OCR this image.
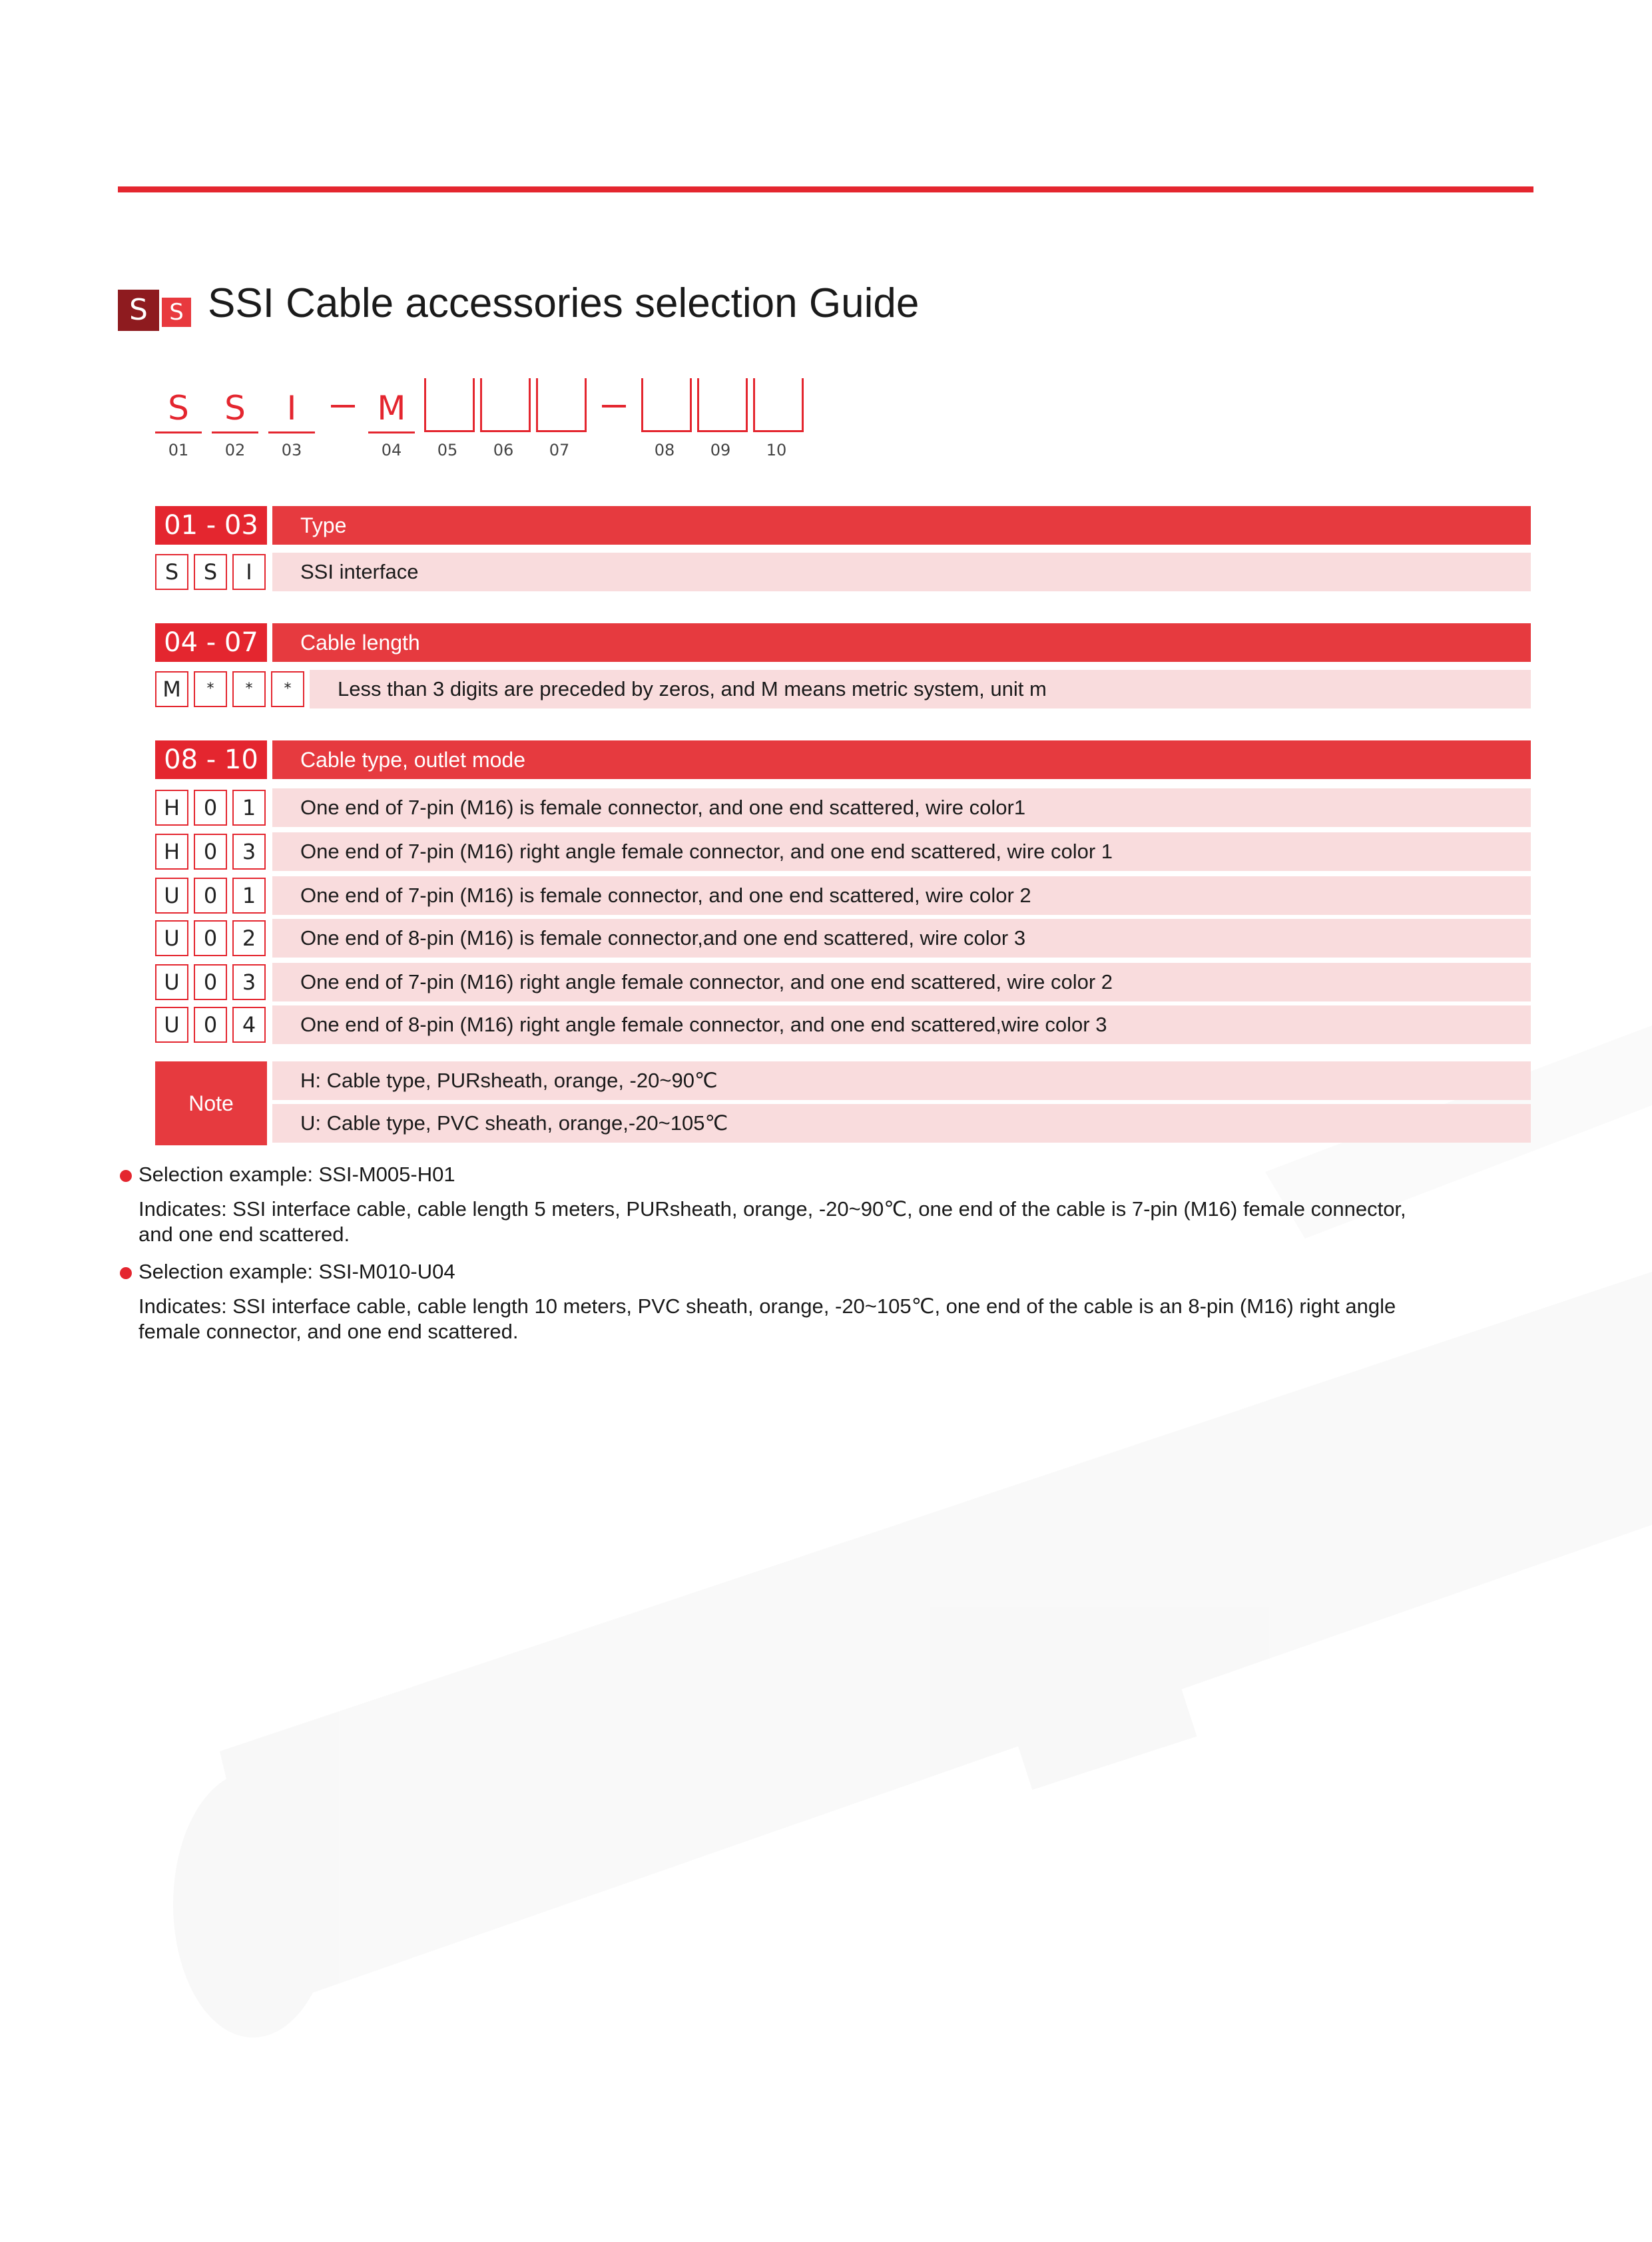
S S SSI Cable accessories selection Guide
S	S	I	M
01	02	03	04	05	06	07	08	09	10
01 - 03	Type
S	S	I	SSI interface
04 - 07	Cable length
M	*	*	*	Less than 3 digits are preceded by zeros, and M means metric system, unit m
08 - 10	Cable type, outlet mode
H	0	1	One end of 7-pin (M16) is female connector, and one end scattered, wire color1
H	0	3	One end of 7-pin (M16) right angle female connector, and one end scattered, wire color 1
U	0	1	One end of 7-pin (M16) is female connector, and one end scattered, wire color 2
U	0	2	One end of 8-pin (M16) is female connector,and one end scattered, wire color 3
U	0	3	One end of 7-pin (M16) right angle female connector, and one end scattered, wire color 2
U	0	4	One end of 8-pin (M16) right angle female connector, and one end scattered,wire color 3
Note
H: Cable type, PURsheath, orange, -20~90℃
U: Cable type, PVC sheath, orange,-20~105℃
Selection example: SSI-M005-H01
Indicates: SSI interface cable, cable length 5 meters, PURsheath, orange, -20~90℃, one end of the cable is 7-pin (M16) female connector,
and one end scattered.
Selection example: SSI-M010-U04
Indicates: SSI interface cable, cable length 10 meters, PVC sheath, orange, -20~105℃, one end of the cable is an 8-pin (M16) right angle
female connector, and one end scattered.
